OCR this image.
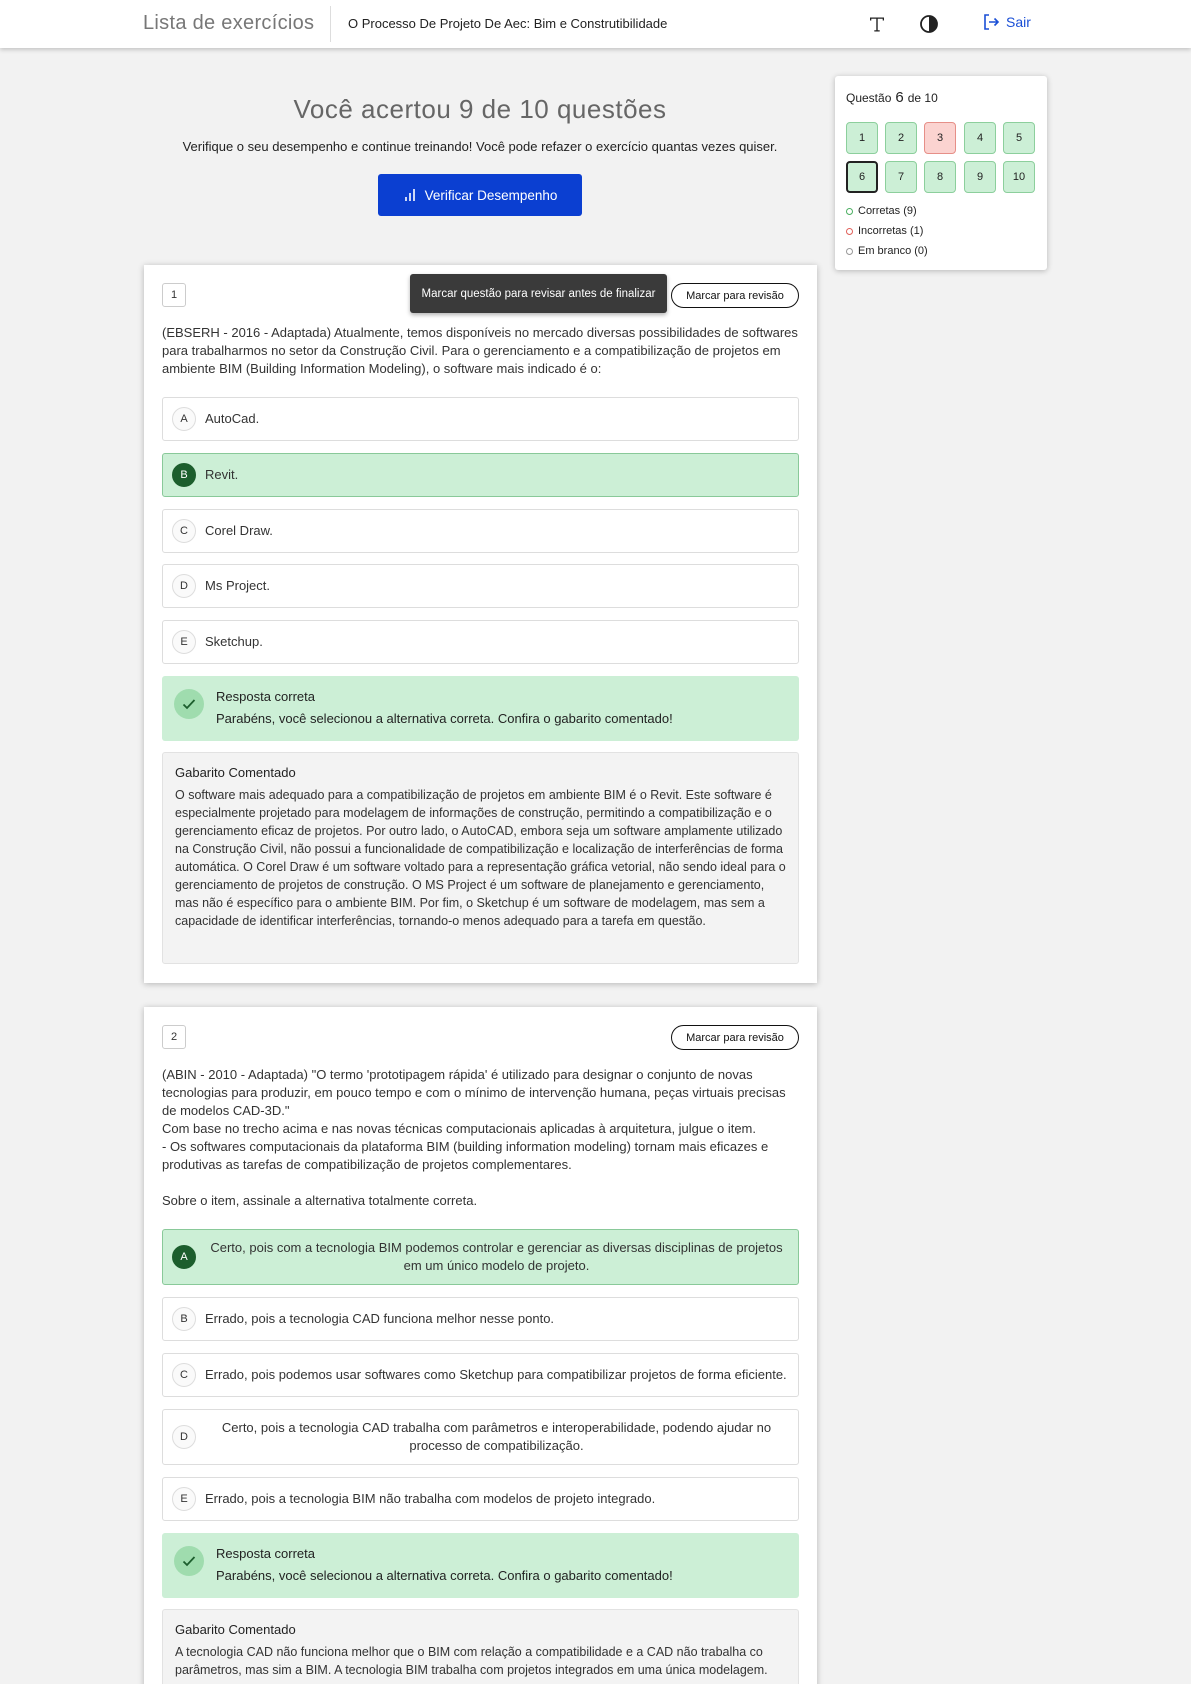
Lista de exercícios	O Processo De Projeto De Aec: Bim e Construtibilidade	Sair
Você acertou 9 de 10 questões
Verifique o seu desempenho e continue treinando! Você pode refazer o exercício quantas vezes quiser.
Verificar Desempenho
1	Marcar questão para revisar antes de finalizar	Marcar para revisão
(EBSERH - 2016 - Adaptada) Atualmente, temos disponíveis no mercado diversas possibilidades de softwares para trabalharmos no setor da Construção Civil. Para o gerenciamento e a compatibilização de projetos em ambiente BIM (Building Information Modeling), o software mais indicado é o:
A	AutoCad.
B	Revit.
C	Corel Draw.
D	Ms Project.
E	Sketchup.
Resposta correta
Parabéns, você selecionou a alternativa correta. Confira o gabarito comentado!
Gabarito Comentado
O software mais adequado para a compatibilização de projetos em ambiente BIM é o Revit. Este software é especialmente projetado para modelagem de informações de construção, permitindo a compatibilização e o gerenciamento eficaz de projetos. Por outro lado, o AutoCAD, embora seja um software amplamente utilizado na Construção Civil, não possui a funcionalidade de compatibilização e localização de interferências de forma automática. O Corel Draw é um software voltado para a representação gráfica vetorial, não sendo ideal para o gerenciamento de projetos de construção. O MS Project é um software de planejamento e gerenciamento, mas não é específico para o ambiente BIM. Por fim, o Sketchup é um software de modelagem, mas sem a capacidade de identificar interferências, tornando-o menos adequado para a tarefa em questão.
2	Marcar para revisão
(ABIN - 2010 - Adaptada) "O termo 'prototipagem rápida' é utilizado para designar o conjunto de novas tecnologias para produzir, em pouco tempo e com o mínimo de intervenção humana, peças virtuais precisas de modelos CAD-3D."
Com base no trecho acima e nas novas técnicas computacionais aplicadas à arquitetura, julgue o item.
- Os softwares computacionais da plataforma BIM (building information modeling) tornam mais eficazes e produtivas as tarefas de compatibilização de projetos complementares.

Sobre o item, assinale a alternativa totalmente correta.
A
Certo, pois com a tecnologia BIM podemos controlar e gerenciar as diversas disciplinas de projetos em um único modelo de projeto.
B	Errado, pois a tecnologia CAD funciona melhor nesse ponto.
C	Errado, pois podemos usar softwares como Sketchup para compatibilizar projetos de forma eficiente.
D
Certo, pois a tecnologia CAD trabalha com parâmetros e interoperabilidade, podendo ajudar no processo de compatibilização.
E	Errado, pois a tecnologia BIM não trabalha com modelos de projeto integrado.
Resposta correta
Parabéns, você selecionou a alternativa correta. Confira o gabarito comentado!
Gabarito Comentado
A tecnologia CAD não funciona melhor que o BIM com relação a compatibilidade e a CAD não trabalha co parâmetros, mas sim a BIM. A tecnologia BIM trabalha com projetos integrados em uma única modelagem.
Questão 6 de 10
1	2	3	4	5
6	7	8	9	10
Corretas (9)
Incorretas (1)
Em branco (0)
